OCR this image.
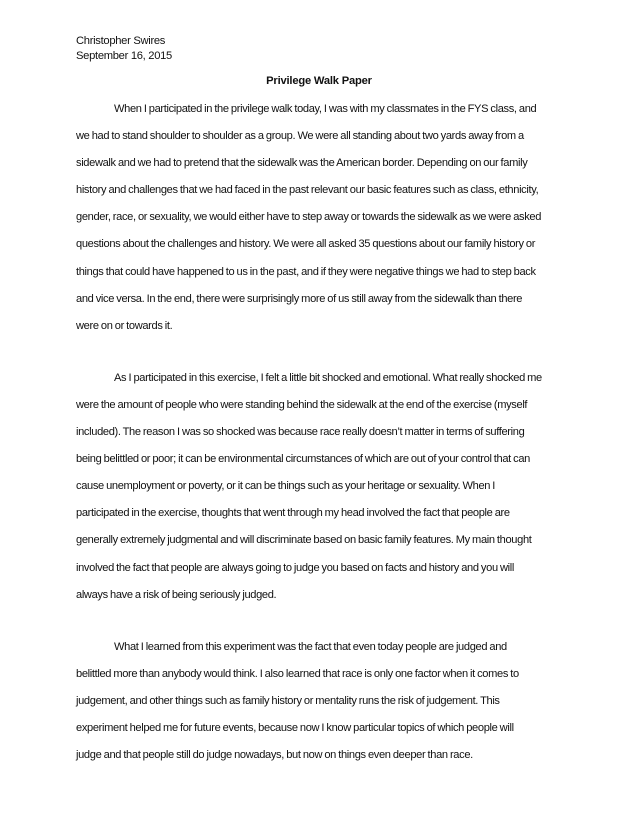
Christopher Swires
September 16, 2015
Privilege Walk Paper
When I participated in the privilege walk today, I was with my classmates in the FYS class, and
we had to stand shoulder to shoulder as a group. We were all standing about two yards away from a
sidewalk and we had to pretend that the sidewalk was the American border. Depending on our family
history and challenges that we had faced in the past relevant our basic features such as class, ethnicity,
gender, race, or sexuality, we would either have to step away or towards the sidewalk as we were asked
questions about the challenges and history. We were all asked 35 questions about our family history or
things that could have happened to us in the past, and if they were negative things we had to step back
and vice versa. In the end, there were surprisingly more of us still away from the sidewalk than there
were on or towards it.
As I participated in this exercise, I felt a little bit shocked and emotional. What really shocked me
were the amount of people who were standing behind the sidewalk at the end of the exercise (myself
included). The reason I was so shocked was because race really doesn’t matter in terms of suffering
being belittled or poor; it can be environmental circumstances of which are out of your control that can
cause unemployment or poverty, or it can be things such as your heritage or sexuality. When I
participated in the exercise, thoughts that went through my head involved the fact that people are
generally extremely judgmental and will discriminate based on basic family features. My main thought
involved the fact that people are always going to judge you based on facts and history and you will
always have a risk of being seriously judged.
What I learned from this experiment was the fact that even today people are judged and
belittled more than anybody would think. I also learned that race is only one factor when it comes to
judgement, and other things such as family history or mentality runs the risk of judgement. This
experiment helped me for future events, because now I know particular topics of which people will
judge and that people still do judge nowadays, but now on things even deeper than race.
